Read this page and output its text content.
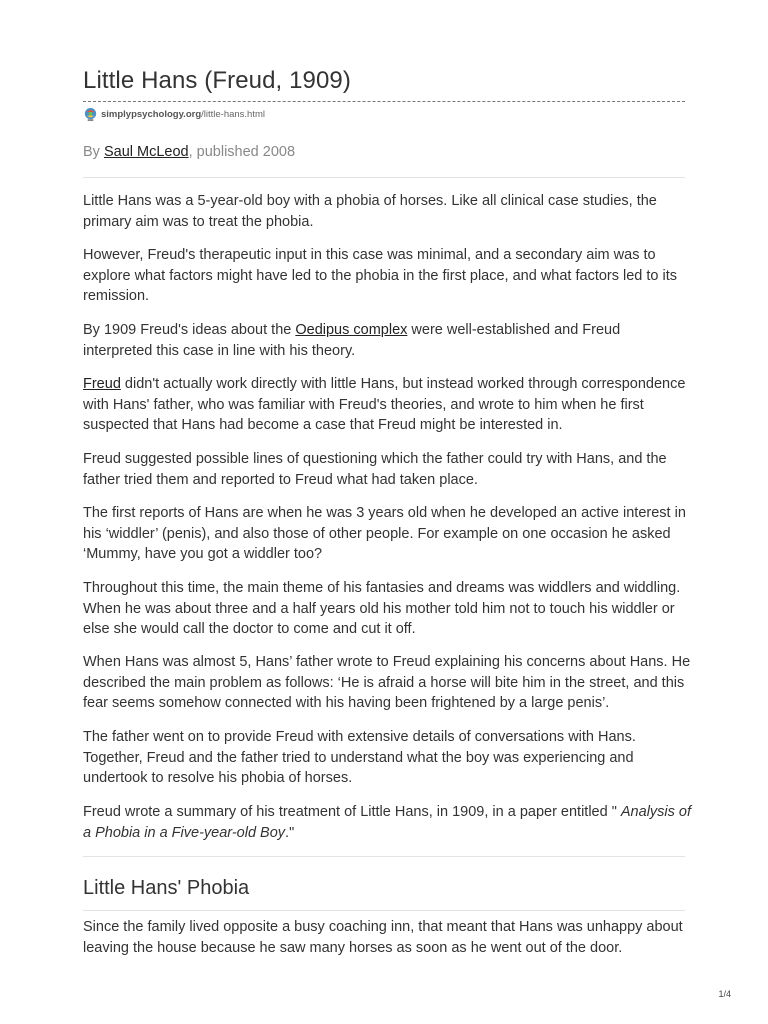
Little Hans (Freud, 1909)
simplypsychology.org /little-hans.html
By Saul McLeod, published 2008

Little Hans was a 5-year-old boy with a phobia of horses. Like all clinical case studies, the primary aim was to treat the phobia.

However, Freud's therapeutic input in this case was minimal, and a secondary aim was to explore what factors might have led to the phobia in the first place, and what factors led to its remission.

By 1909 Freud's ideas about the Oedipus complex were well-established and Freud interpreted this case in line with his theory.

Freud didn't actually work directly with little Hans, but instead worked through correspondence with Hans' father, who was familiar with Freud's theories, and wrote to him when he first suspected that Hans had become a case that Freud might be interested in.

Freud suggested possible lines of questioning which the father could try with Hans, and the father tried them and reported to Freud what had taken place.

The first reports of Hans are when he was 3 years old when he developed an active interest in his ‘widdler’ (penis), and also those of other people. For example on one occasion he asked ‘Mummy, have you got a widdler too?

Throughout this time, the main theme of his fantasies and dreams was widdlers and widdling. When he was about three and a half years old his mother told him not to touch his widdler or else she would call the doctor to come and cut it off.

When Hans was almost 5, Hans’ father wrote to Freud explaining his concerns about Hans. He described the main problem as follows: ‘He is afraid a horse will bite him in the street, and this fear seems somehow connected with his having been frightened by a large penis’.

The father went on to provide Freud with extensive details of conversations with Hans. Together, Freud and the father tried to understand what the boy was experiencing and undertook to resolve his phobia of horses.

Freud wrote a summary of his treatment of Little Hans, in 1909, in a paper entitled " Analysis of a Phobia in a Five-year-old Boy."

Little Hans' Phobia

Since the family lived opposite a busy coaching inn, that meant that Hans was unhappy about leaving the house because he saw many horses as soon as he went out of the door.

1/4
